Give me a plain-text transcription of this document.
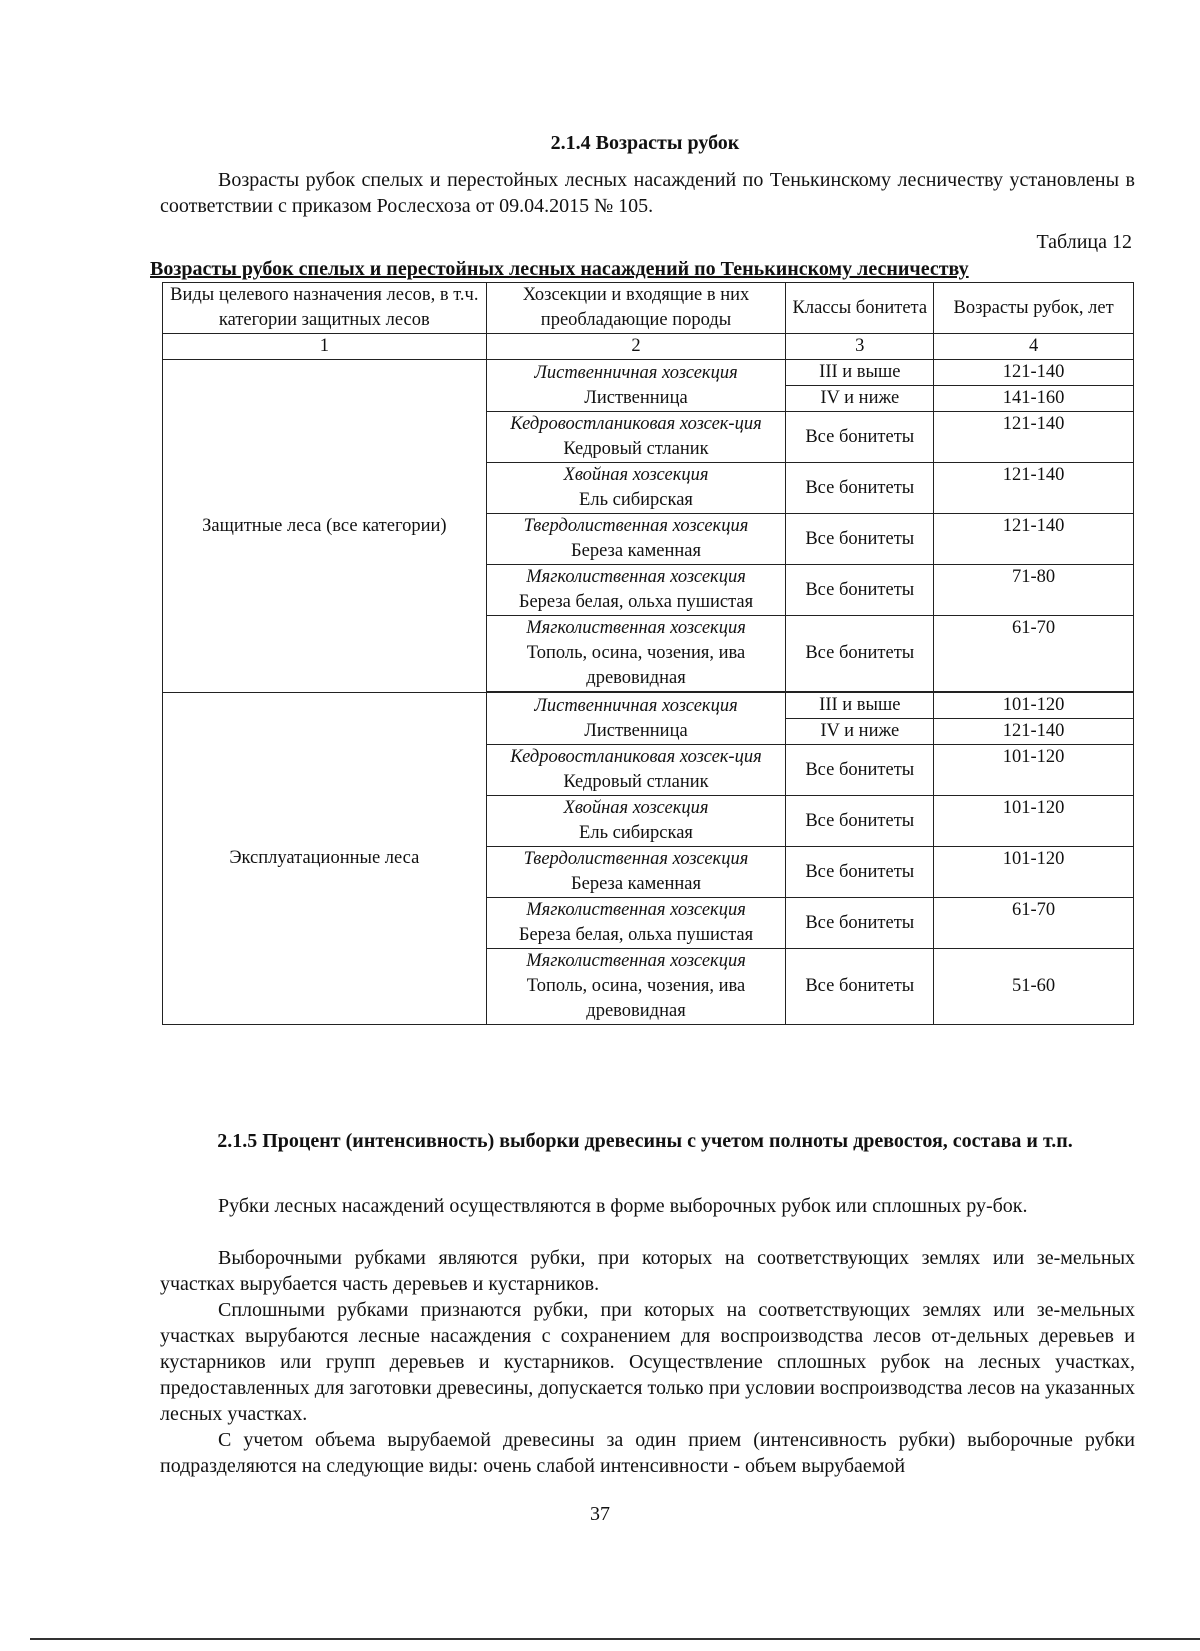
2.1.4 Возрасты рубок

Возрасты рубок спелых и перестойных лесных насаждений по Тенькинскому лесничеству установлены в соответствии с приказом Рослесхоза от 09.04.2015 № 105.

Таблица 12
Возрасты рубок спелых и перестойных лесных насаждений по Тенькинскому лесничеству
Виды целевого назначения лесов, в т.ч. категории защитных лесов	Хозсекции и входящие в них преобладающие породы	Классы бонитета	Возрасты рубок, лет
1	2	3	4
Защитные леса (все категории)	Лиственничная хозсекция
Лиственница	III и выше	121-140
		IV и ниже	141-160
	Кедровостланиковая хозсек-ция
Кедровый стланик	Все бонитеты	121-140
	Хвойная хозсекция
Ель сибирская	Все бонитеты	121-140
	Твердолиственная хозсекция
Береза каменная	Все бонитеты	121-140
	Мягколиственная хозсекция
Береза белая, ольха пушистая	Все бонитеты	71-80
	Мягколиственная хозсекция
Тополь, осина, чозения, ива древовидная	Все бонитеты	61-70

Эксплуатационные леса	Лиственничная хозсекция
Лиственница	III и выше	101-120
		IV и ниже	121-140
	Кедровостланиковая хозсек-ция
Кедровый стланик	Все бонитеты	101-120
	Хвойная хозсекция
Ель сибирская	Все бонитеты	101-120
	Твердолиственная хозсекция
Береза каменная	Все бонитеты	101-120
	Мягколиственная хозсекция
Береза белая, ольха пушистая	Все бонитеты	61-70
	Мягколиственная хозсекция
Тополь, осина, чозения, ива древовидная	Все бонитеты	51-60
2.1.5 Процент (интенсивность) выборки древесины с учетом полноты древостоя, состава и т.п.

Рубки лесных насаждений осуществляются в форме выборочных рубок или сплошных ру-бок.

Выборочными рубками являются рубки, при которых на соответствующих землях или зе-мельных участках вырубается часть деревьев и кустарников.

Сплошными рубками признаются рубки, при которых на соответствующих землях или зе-мельных участках вырубаются лесные насаждения с сохранением для воспроизводства лесов от-дельных деревьев и кустарников или групп деревьев и кустарников. Осуществление сплошных рубок на лесных участках, предоставленных для заготовки древесины, допускается только при условии воспроизводства лесов на указанных лесных участках.

С учетом объема вырубаемой древесины за один прием (интенсивность рубки) выборочные рубки подразделяются на следующие виды: очень слабой интенсивности - объем вырубаемой

37
